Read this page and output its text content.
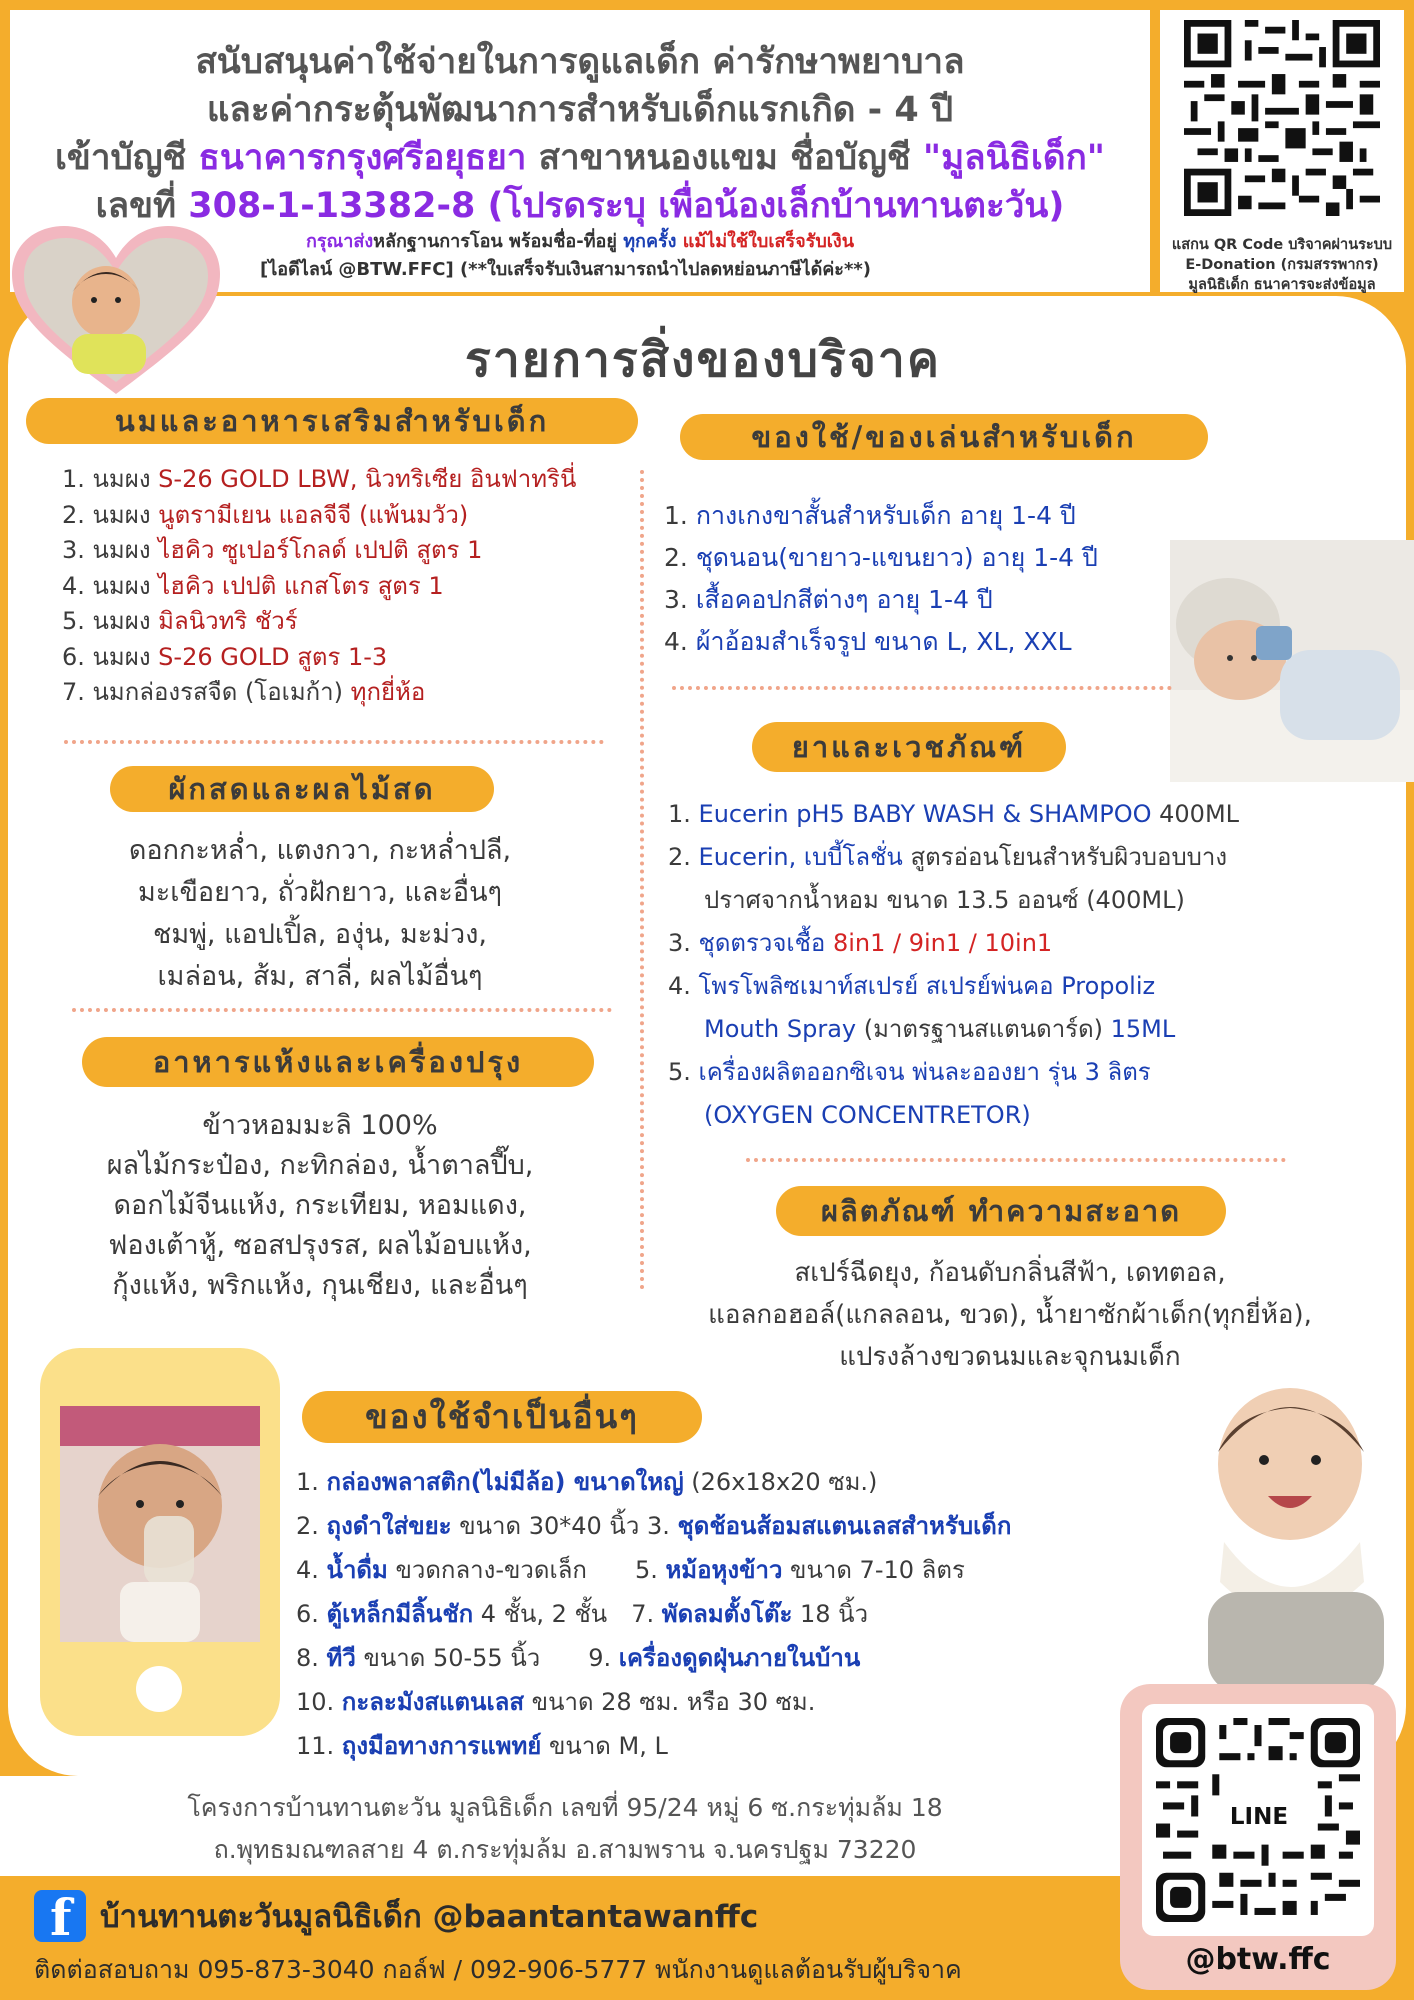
สนับสนุนค่าใช้จ่ายในการดูแลเด็ก ค่ารักษาพยาบาล
และค่ากระตุ้นพัฒนาการสำหรับเด็กแรกเกิด - 4 ปี
เข้าบัญชี ธนาคารกรุงศรีอยุธยา สาขาหนองแขม ชื่อบัญชี "มูลนิธิเด็ก"
เลขที่ 308-1-13382-8 (โปรดระบุ เพื่อน้องเล็กบ้านทานตะวัน)
กรุณาส่งหลักฐานการโอน พร้อมชื่อ-ที่อยู่ ทุกครั้ง แม้ไม่ใช้ใบเสร็จรับเงิน
[ไอดีไลน์ @BTW.FFC] (**ใบเสร็จรับเงินสามารถนำไปลดหย่อนภาษีได้ค่ะ**)
แสกน QR Code บริจาคผ่านระบบ
E-Donation (กรมสรรพากร)
มูลนิธิเด็ก ธนาคารจะส่งข้อมูล
รายการสิ่งของบริจาค
นมและอาหารเสริมสำหรับเด็ก
1. นมผง S-26 GOLD LBW, นิวทริเซีย อินฟาทรินี่
2. นมผง นูตรามีเยน แอลจีจี (แพ้นมวัว)
3. นมผง ไฮคิว ซูเปอร์โกลด์ เปปติ สูตร 1
4. นมผง ไฮคิว เปปติ แกสโตร สูตร 1
5. นมผง มิลนิวทริ ชัวร์
6. นมผง S-26 GOLD สูตร 1-3
7. นมกล่องรสจืด (โอเมก้า) ทุกยี่ห้อ
ผักสดและผลไม้สด
ดอกกะหล่ำ, แตงกวา, กะหล่ำปลี,
มะเขือยาว, ถั่วฝักยาว, และอื่นๆ
ชมพู่, แอปเปิ้ล, องุ่น, มะม่วง,
เมล่อน, ส้ม, สาลี่, ผลไม้อื่นๆ
อาหารแห้งและเครื่องปรุง
ข้าวหอมมะลิ 100%
ผลไม้กระป๋อง, กะทิกล่อง, น้ำตาลปี๊บ,
ดอกไม้จีนแห้ง, กระเทียม, หอมแดง,
ฟองเต้าหู้, ซอสปรุงรส, ผลไม้อบแห้ง,
กุ้งแห้ง, พริกแห้ง, กุนเชียง, และอื่นๆ
ของใช้/ของเล่นสำหรับเด็ก
1. กางเกงขาสั้นสำหรับเด็ก อายุ 1-4 ปี
2. ชุดนอน(ขายาว-แขนยาว) อายุ 1-4 ปี
3. เสื้อคอปกสีต่างๆ อายุ 1-4 ปี
4. ผ้าอ้อมสำเร็จรูป ขนาด L, XL, XXL
ยาและเวชภัณฑ์
1. Eucerin pH5 BABY WASH & SHAMPOO 400ML
2. Eucerin, เบบี้โลชั่น สูตรอ่อนโยนสำหรับผิวบอบบาง
ปราศจากน้ำหอม ขนาด 13.5 ออนซ์ (400ML)
3. ชุดตรวจเชื้อ 8in1 / 9in1 / 10in1
4. โพรโพลิซเมาท์สเปรย์ สเปรย์พ่นคอ Propoliz
Mouth Spray (มาตรฐานสแตนดาร์ด) 15ML
5. เครื่องผลิตออกซิเจน พ่นละอองยา รุ่น 3 ลิตร
(OXYGEN CONCENTRETOR)
ผลิตภัณฑ์ ทำความสะอาด
สเปร์ฉีดยุง, ก้อนดับกลิ่นสีฟ้า, เดทตอล,
แอลกอฮอล์(แกลลอน, ขวด), น้ำยาซักผ้าเด็ก(ทุกยี่ห้อ),
แปรงล้างขวดนมและจุกนมเด็ก
ของใช้จำเป็นอื่นๆ
1. กล่องพลาสติก(ไม่มีล้อ) ขนาดใหญ่ (26x18x20 ซม.)
2. ถุงดำใส่ขยะ ขนาด 30*40 นิ้ว 3. ชุดช้อนส้อมสแตนเลสสำหรับเด็ก
4. น้ำดื่ม ขวดกลาง-ขวดเล็ก 5. หม้อหุงข้าว ขนาด 7-10 ลิตร
6. ตู้เหล็กมีลิ้นชัก 4 ชั้น, 2 ชั้น 7. พัดลมตั้งโต๊ะ 18 นิ้ว
8. ทีวี ขนาด 50-55 นิ้ว 9. เครื่องดูดฝุ่นภายในบ้าน
10. กะละมังสแตนเลส ขนาด 28 ซม. หรือ 30 ซม.
11. ถุงมือทางการแพทย์ ขนาด M, L
โครงการบ้านทานตะวัน มูลนิธิเด็ก เลขที่ 95/24 หมู่ 6 ซ.กระทุ่มล้ม 18
ถ.พุทธมณฑลสาย 4 ต.กระทุ่มล้ม อ.สามพราน จ.นครปฐม 73220
f บ้านทานตะวันมูลนิธิเด็ก @baantantawanffc
ติดต่อสอบถาม 095-873-3040 กอล์ฟ / 092-906-5777 พนักงานดูแลต้อนรับผู้บริจาค
LINE
@btw.ffc
